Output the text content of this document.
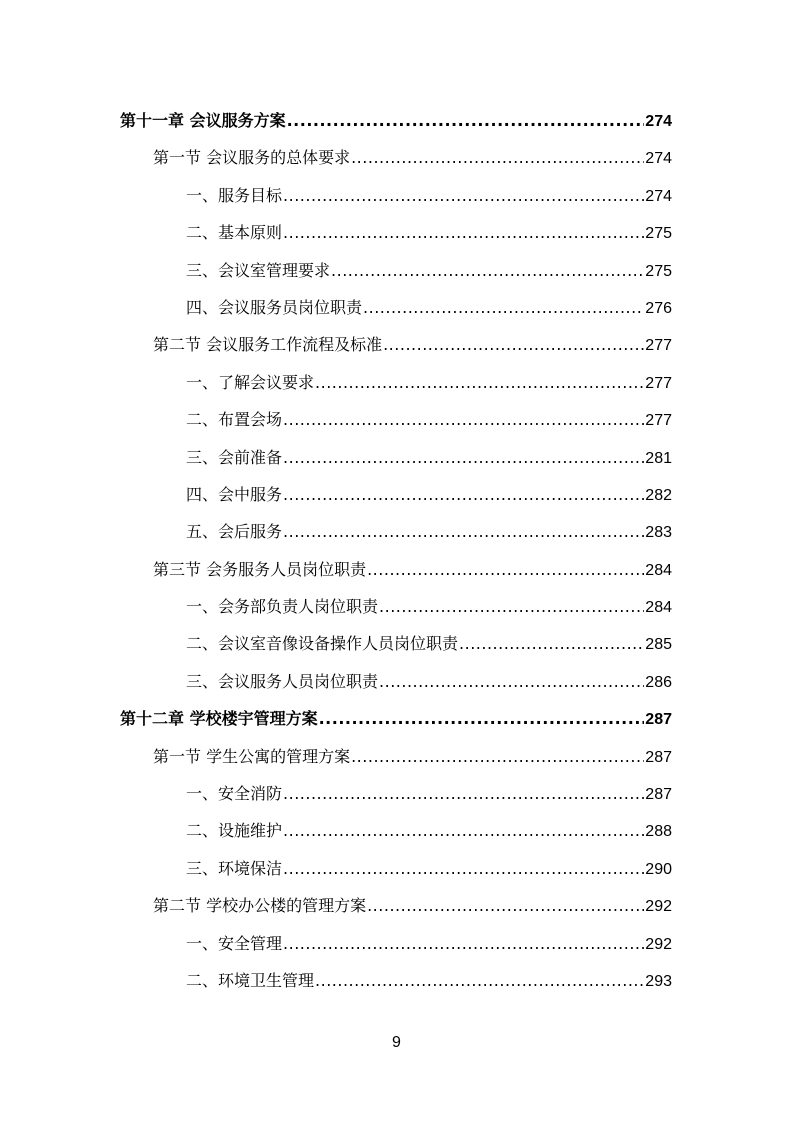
第十一章 会议服务方案 .....	274
第一节 会议服务的总体要求 .....	274
一、服务目标 .....	274
二、基本原则 .....	275
三、会议室管理要求 .....	275
四、会议服务员岗位职责 .....	276
第二节 会议服务工作流程及标准 .....	277
一、了解会议要求 .....	277
二、布置会场 .....	277
三、会前准备 .....	281
四、会中服务 .....	282
五、会后服务 .....	283
第三节 会务服务人员岗位职责 .....	284
一、会务部负责人岗位职责 .....	284
二、会议室音像设备操作人员岗位职责 .....	285
三、会议服务人员岗位职责 .....	286
第十二章 学校楼宇管理方案 .....	287
第一节 学生公寓的管理方案 .....	287
一、安全消防 .....	287
二、设施维护 .....	288
三、环境保洁 .....	290
第二节 学校办公楼的管理方案 .....	292
一、安全管理 .....	292
二、环境卫生管理 .....	293
9
